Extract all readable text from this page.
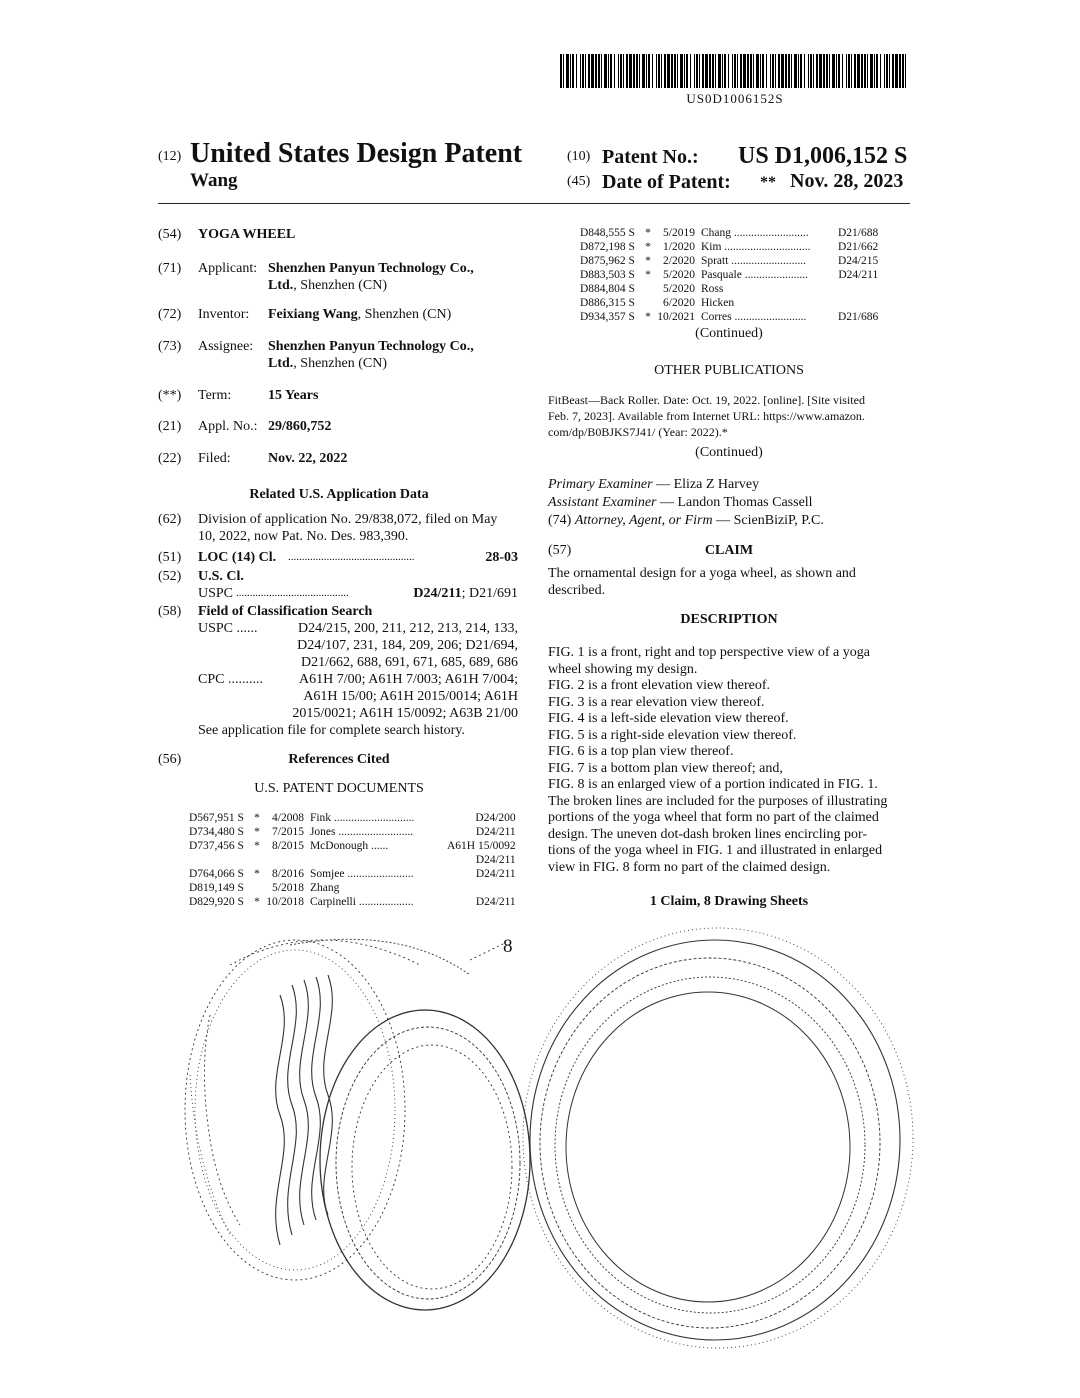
US0D1006152S
(12) United States Design Patent
Wang
(10) Patent No.: US D1,006,152 S
(45) Date of Patent: ** Nov. 28, 2023
(54) YOGA WHEEL
(71) Applicant: Shenzhen Panyun Technology Co.,
Ltd., Shenzhen (CN)
(72) Inventor: Feixiang Wang, Shenzhen (CN)
(73) Assignee: Shenzhen Panyun Technology Co.,
Ltd., Shenzhen (CN)
(**) Term:	15 Years
(21) Appl. No.: 29/860,752
(22) Filed:	Nov. 22, 2022
Related U.S. Application Data
(62) Division of application No. 29/838,072, filed on May
10, 2022, now Pat. No. Des. 983,390.
(51) LOC (14) Cl. ..............................................	28-03
(52) U.S. Cl.
USPC .........................................	D24/211; D21/691
(58) Field of Classification Search
USPC ......	D24/215, 200, 211, 212, 213, 214, 133,
D24/107, 231, 184, 209, 206; D21/694,
D21/662, 688, 691, 671, 685, 689, 686
CPC ..........	A61H 7/00; A61H 7/003; A61H 7/004;
A61H 15/00; A61H 2015/0014; A61H
2015/0021; A61H 15/0092; A63B 21/00
See application file for complete search history.
(56)	References Cited
U.S. PATENT DOCUMENTS
D567,951 S	*	4/2008	Fink ............................	D24/200
D734,480 S	*	7/2015	Jones ..........................	D24/211
D737,456 S	*	8/2015	McDonough ......	A61H 15/0092
				D24/211
D764,066 S	*	8/2016	Somjee .......................	D24/211
D819,149 S		5/2018	Zhang	
D829,920 S	*	10/2018	Carpinelli ...................	D24/211
D848,555 S	*	5/2019	Chang ..........................	D21/688
D872,198 S	*	1/2020	Kim ..............................	D21/662
D875,962 S	*	2/2020	Spratt ..........................	D24/215
D883,503 S	*	5/2020	Pasquale ......................	D24/211
D884,804 S		5/2020	Ross	
D886,315 S		6/2020	Hicken	
D934,357 S	*	10/2021	Corres .........................	D21/686
(Continued)
OTHER PUBLICATIONS
FitBeast—Back Roller. Date: Oct. 19, 2022. [online]. [Site visited
Feb. 7, 2023]. Available from Internet URL: https://www.amazon.
com/dp/B0BJKS7J41/ (Year: 2022).*
(Continued)
Primary Examiner — Eliza Z Harvey
Assistant Examiner — Landon Thomas Cassell
(74) Attorney, Agent, or Firm — ScienBiziP, P.C.
(57)	CLAIM
The ornamental design for a yoga wheel, as shown and
described.
DESCRIPTION
FIG. 1 is a front, right and top perspective view of a yoga
wheel showing my design.
FIG. 2 is a front elevation view thereof.
FIG. 3 is a rear elevation view thereof.
FIG. 4 is a left-side elevation view thereof.
FIG. 5 is a right-side elevation view thereof.
FIG. 6 is a top plan view thereof.
FIG. 7 is a bottom plan view thereof; and,
FIG. 8 is an enlarged view of a portion indicated in FIG. 1.
The broken lines are included for the purposes of illustrating
portions of the yoga wheel that form no part of the claimed
design. The uneven dot-dash broken lines encircling por-
tions of the yoga wheel in FIG. 1 and illustrated in enlarged
view in FIG. 8 form no part of the claimed design.
1 Claim, 8 Drawing Sheets
8
